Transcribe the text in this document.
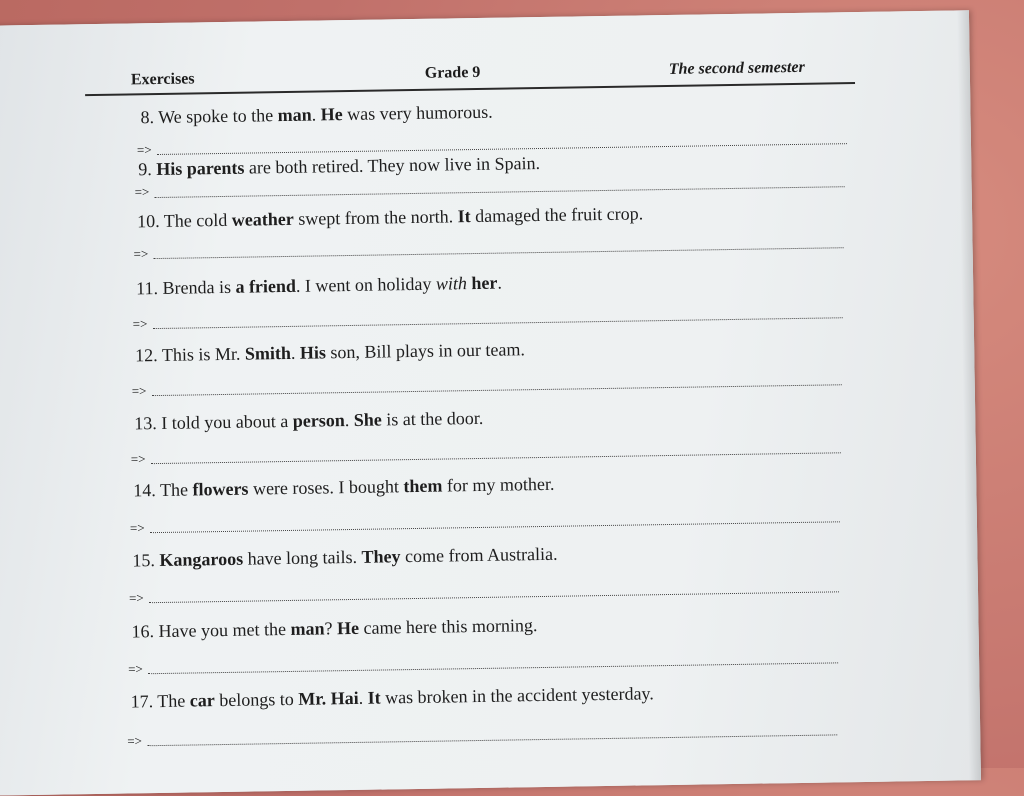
Exercises	Grade 9	The second semester
8. We spoke to the man. He was very humorous.
=>
9. His parents are both retired. They now live in Spain.
=>
10. The cold weather swept from the north. It damaged the fruit crop.
=>
11. Brenda is a friend. I went on holiday with her.
=>
12. This is Mr. Smith. His son, Bill plays in our team.
=>
13. I told you about a person. She is at the door.
=>
14. The flowers were roses. I bought them for my mother.
=>
15. Kangaroos have long tails. They come from Australia.
=>
16. Have you met the man? He came here this morning.
=>
17. The car belongs to Mr. Hai. It was broken in the accident yesterday.
=>
